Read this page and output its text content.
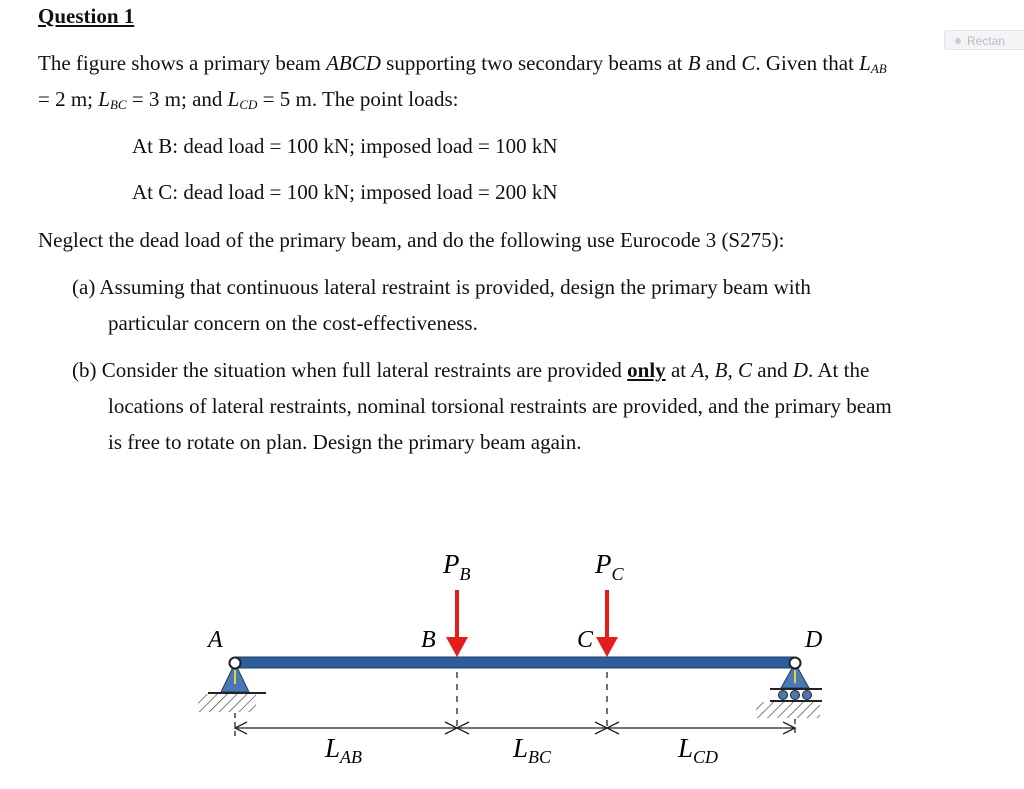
Question 1
Rectan
The figure shows a primary beam ABCD supporting two secondary beams at B and C. Given that $L_{AB}$
= 2 m; $L_{BC} = 3$ m; and $L_{CD} = 5$ m. The point loads:
At B: dead load = 100 kN; imposed load = 100 kN
At C: dead load = 100 kN; imposed load = 200 kN
Neglect the dead load of the primary beam, and do the following use Eurocode 3 (S275):
(a) Assuming that continuous lateral restraint is provided, design the primary beam with
particular concern on the cost-effectiveness.
(b) Consider the situation when full lateral restraints are provided only at A, B, C and D. At the
locations of lateral restraints, nominal torsional restraints are provided, and the primary beam
is free to rotate on plan. Design the primary beam again.
$P_B$	$P_C$
A	B	C	D
$L_{AB}$	$L_{BC}$	$L_{CD}$
